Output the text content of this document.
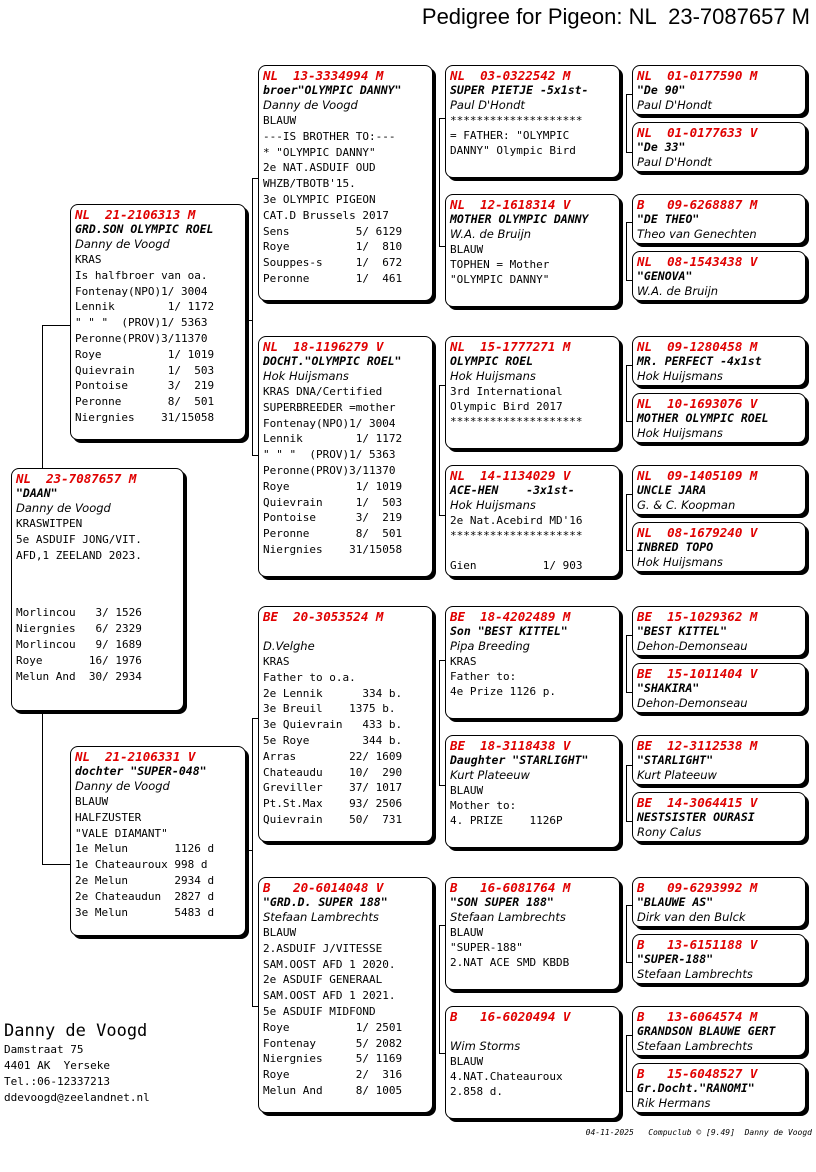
Pedigree for Pigeon: NL  23-7087657 M
NL  23-7087657 M
"DAAN"
Danny de Voogd
KRASWITPEN
5e ASDUIF JONG/VIT.
AFD,1 ZEELAND 2023.
Morlincou   3/ 1526
Niergnies   6/ 2329
Morlincou   9/ 1689
Roye       16/ 1976
Melun And  30/ 2934
NL  21-2106313 M
GRD.SON OLYMPIC ROEL
Danny de Voogd
KRAS
Is halfbroer van oa.
Fontenay(NPO)1/ 3004
Lennik        1/ 1172
" " "  (PROV)1/ 5363
Peronne(PROV)3/11370
Roye          1/ 1019
Quievrain     1/  503
Pontoise      3/  219
Peronne       8/  501
Niergnies    31/15058
NL  21-2106331 V
dochter "SUPER-048"
Danny de Voogd
BLAUW
HALFZUSTER
"VALE DIAMANT"
1e Melun       1126 d
1e Chateauroux 998 d
2e Melun       2934 d
2e Chateaudun  2827 d
3e Melun       5483 d
NL  13-3334994 M
broer"OLYMPIC DANNY"
Danny de Voogd
BLAUW
---IS BROTHER TO:---
* "OLYMPIC DANNY"
2e NAT.ASDUIF OUD
WHZB/TBOTB'15.
3e OLYMPIC PIGEON
CAT.D Brussels 2017
Sens          5/ 6129
Roye          1/  810
Souppes-s     1/  672
Peronne       1/  461
NL  18-1196279 V
DOCHT."OLYMPIC ROEL"
Hok Huijsmans
KRAS DNA/Certified
SUPERBREEDER =mother
Fontenay(NPO)1/ 3004
Lennik        1/ 1172
" " "  (PROV)1/ 5363
Peronne(PROV)3/11370
Roye          1/ 1019
Quievrain     1/  503
Pontoise      3/  219
Peronne       8/  501
Niergnies    31/15058
BE  20-3053524 M

D.Velghe
KRAS
Father to o.a.
2e Lennik      334 b.
3e Breuil    1375 b.
3e Quievrain   433 b.
5e Roye        344 b.
Arras        22/ 1609
Chateaudu    10/  290
Greviller    37/ 1017
Pt.St.Max    93/ 2506
Quievrain    50/  731
B   20-6014048 V
"GRD.D. SUPER 188"
Stefaan Lambrechts
BLAUW
2.ASDUIF J/VITESSE
SAM.OOST AFD 1 2020.
2e ASDUIF GENERAAL
SAM.OOST AFD 1 2021.
5e ASDUIF MIDFOND
Roye          1/ 2501
Fontenay      5/ 2082
Niergnies     5/ 1169
Roye          2/  316
Melun And     8/ 1005
NL  03-0322542 M
SUPER PIETJE -5x1st-
Paul D'Hondt
********************
= FATHER: "OLYMPIC
DANNY" Olympic Bird
NL  12-1618314 V
MOTHER OLYMPIC DANNY
W.A. de Bruijn
BLAUW
TOPHEN = Mother
"OLYMPIC DANNY"
NL  15-1777271 M
OLYMPIC ROEL
Hok Huijsmans
3rd International
Olympic Bird 2017
********************
NL  14-1134029 V
ACE-HEN    -3x1st-
Hok Huijsmans
2e Nat.Acebird MD'16
********************

Gien          1/ 903
BE  18-4202489 M
Son "BEST KITTEL"
Pipa Breeding
KRAS
Father to:
4e Prize 1126 p.
BE  18-3118438 V
Daughter "STARLIGHT"
Kurt Plateeuw
BLAUW
Mother to:
4. PRIZE    1126P
B   16-6081764 M
"SON SUPER 188"
Stefaan Lambrechts
BLAUW
"SUPER-188"
2.NAT ACE SMD KBDB
B   16-6020494 V

Wim Storms
BLAUW
4.NAT.Chateauroux
2.858 d.
NL  01-0177590 M
"De 90"
Paul D'Hondt
NL  01-0177633 V
"De 33"
Paul D'Hondt
B   09-6268887 M
"DE THEO"
Theo van Genechten
NL  08-1543438 V
"GENOVA"
W.A. de Bruijn
NL  09-1280458 M
MR. PERFECT -4x1st
Hok Huijsmans
NL  10-1693076 V
MOTHER OLYMPIC ROEL
Hok Huijsmans
NL  09-1405109 M
UNCLE JARA
G. & C. Koopman
NL  08-1679240 V
INBRED TOPO
Hok Huijsmans
BE  15-1029362 M
"BEST KITTEL"
Dehon-Demonseau
BE  15-1011404 V
"SHAKIRA"
Dehon-Demonseau
BE  12-3112538 M
"STARLIGHT"
Kurt Plateeuw
BE  14-3064415 V
NESTSISTER OURASI
Rony Calus
B   09-6293992 M
"BLAUWE AS"
Dirk van den Bulck
B   13-6151188 V
"SUPER-188"
Stefaan Lambrechts
B   13-6064574 M
GRANDSON BLAUWE GERT
Stefaan Lambrechts
B   15-6048527 V
Gr.Docht."RANOMI"
Rik Hermans
Danny de Voogd
Damstraat 75
4401 AK  Yerseke
Tel.:06-12337213
ddevoogd@zeelandnet.nl
04-11-2025   Compuclub © [9.49]  Danny de Voogd
